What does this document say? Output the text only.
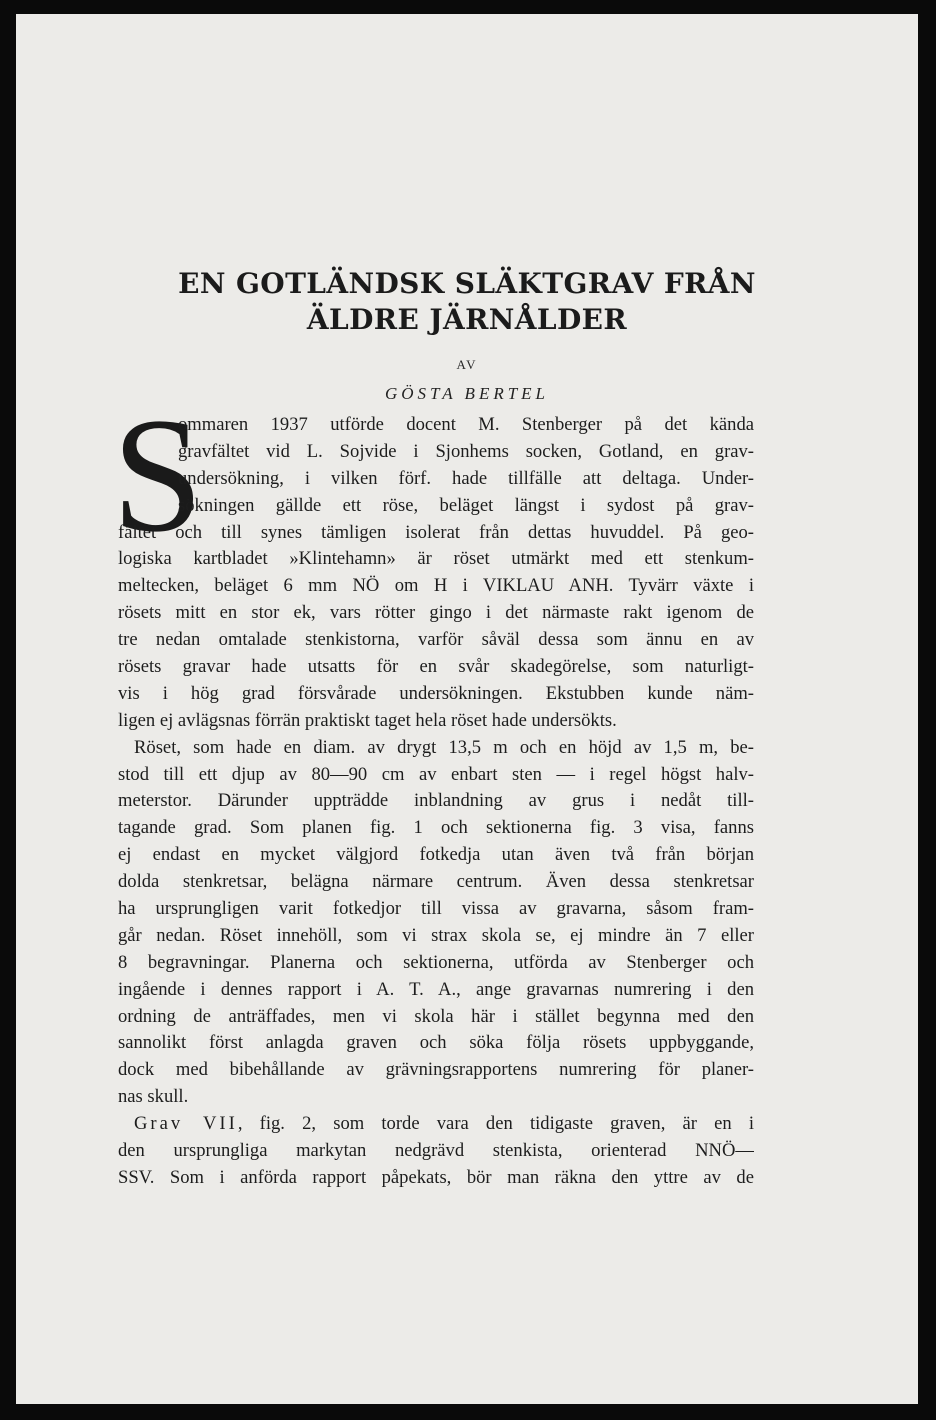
EN GOTLÄNDSK SLÄKTGRAV FRÅN
ÄLDRE JÄRNÅLDER
AV
GÖSTA BERTEL
S
ommaren 1937 utförde docent M. Stenberger på det kända
gravfältet vid L. Sojvide i Sjonhems socken, Gotland, en grav-
undersökning, i vilken förf. hade tillfälle att deltaga. Under-
sökningen gällde ett röse, beläget längst i sydost på grav-
fältet och till synes tämligen isolerat från dettas huvuddel. På geo-
logiska kartbladet »Klintehamn» är röset utmärkt med ett stenkum-
meltecken, beläget 6 mm NÖ om H i VIKLAU ANH. Tyvärr växte i
rösets mitt en stor ek, vars rötter gingo i det närmaste rakt igenom de
tre nedan omtalade stenkistorna, varför såväl dessa som ännu en av
rösets gravar hade utsatts för en svår skadegörelse, som naturligt-
vis i hög grad försvårade undersökningen. Ekstubben kunde näm-
ligen ej avlägsnas förrän praktiskt taget hela röset hade undersökts.
Röset, som hade en diam. av drygt 13,5 m och en höjd av 1,5 m, be-
stod till ett djup av 80—90 cm av enbart sten — i regel högst halv-
meterstor. Därunder uppträdde inblandning av grus i nedåt till-
tagande grad. Som planen fig. 1 och sektionerna fig. 3 visa, fanns
ej endast en mycket välgjord fotkedja utan även två från början
dolda stenkretsar, belägna närmare centrum. Även dessa stenkretsar
ha ursprungligen varit fotkedjor till vissa av gravarna, såsom fram-
går nedan. Röset innehöll, som vi strax skola se, ej mindre än 7 eller
8 begravningar. Planerna och sektionerna, utförda av Stenberger och
ingående i dennes rapport i A. T. A., ange gravarnas numrering i den
ordning de anträffades, men vi skola här i stället begynna med den
sannolikt först anlagda graven och söka följa rösets uppbyggande,
dock med bibehållande av grävningsrapportens numrering för planer-
nas skull.
Grav VII, fig. 2, som torde vara den tidigaste graven, är en i
den ursprungliga markytan nedgrävd stenkista, orienterad NNÖ—
SSV. Som i anförda rapport påpekats, bör man räkna den yttre av de
